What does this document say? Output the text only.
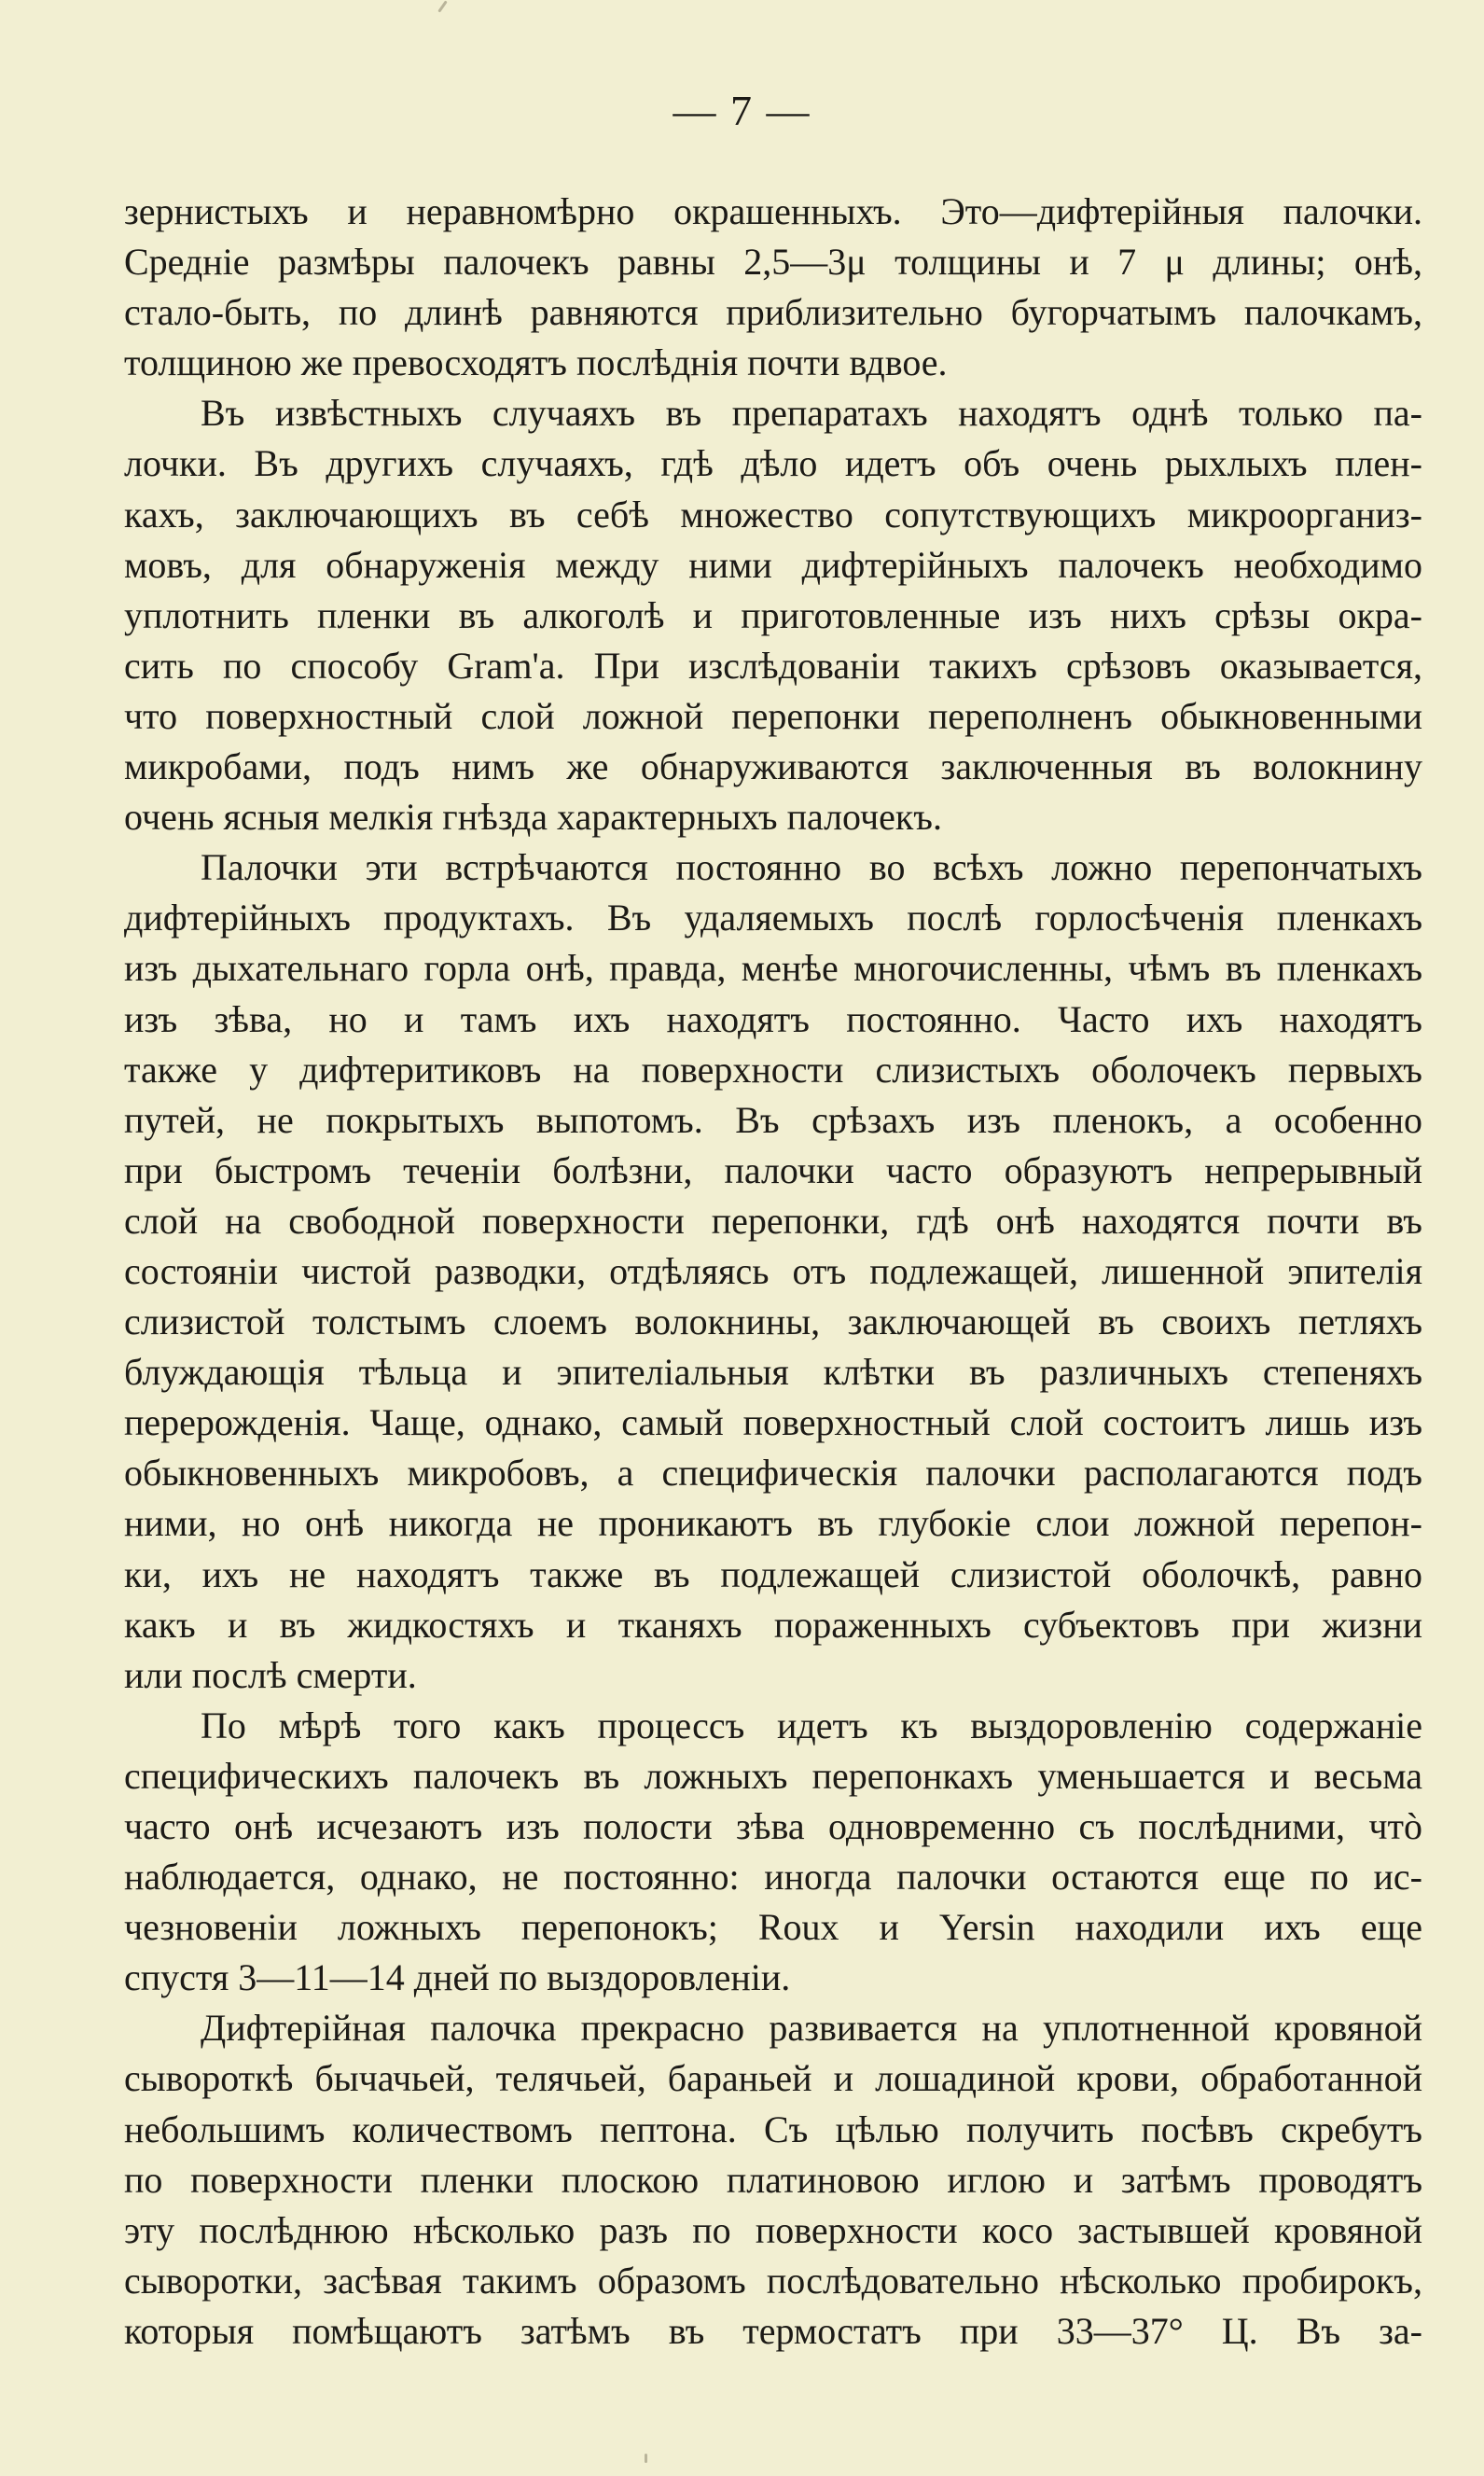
— 7 —
зернистыхъ и неравномѣрно окрашенныхъ. Это—дифтерiйныя палочки.
Среднiе размѣры палочекъ равны 2,5—3μ толщины и 7 μ длины; онѣ,
стало-быть, по длинѣ равняются приблизительно бугорчатымъ палочкамъ,
толщиною же превосходятъ послѣднiя почти вдвое.
Въ извѣстныхъ случаяхъ въ препаратахъ находятъ однѣ только па-
лочки. Въ другихъ случаяхъ, гдѣ дѣло идетъ объ очень рыхлыхъ плен-
кахъ, заключающихъ въ себѣ множество сопутствующихъ микроорганиз-
мовъ, для обнаруженiя между ними дифтерiйныхъ палочекъ необходимо
уплотнить пленки въ алкоголѣ и приготовленные изъ нихъ срѣзы окра-
сить по способу Gram'а. При изслѣдованiи такихъ срѣзовъ оказывается,
что поверхностный слой ложной перепонки переполненъ обыкновенными
микробами, подъ нимъ же обнаруживаются заключенныя въ волокнину
очень ясныя мелкiя гнѣзда характерныхъ палочекъ.
Палочки эти встрѣчаются постоянно во всѣхъ ложно перепончатыхъ
дифтерiйныхъ продуктахъ. Въ удаляемыхъ послѣ горлосѣченiя пленкахъ
изъ дыхательнаго горла онѣ, правда, менѣе многочисленны, чѣмъ въ пленкахъ
изъ зѣва, но и тамъ ихъ находятъ постоянно. Часто ихъ находятъ
также у дифтеритиковъ на поверхности слизистыхъ оболочекъ первыхъ
путей, не покрытыхъ выпотомъ. Въ срѣзахъ изъ пленокъ, а особенно
при быстромъ теченiи болѣзни, палочки часто образуютъ непрерывный
слой на свободной поверхности перепонки, гдѣ онѣ находятся почти въ
состоянiи чистой разводки, отдѣляясь отъ подлежащей, лишенной эпителiя
слизистой толстымъ слоемъ волокнины, заключающей въ своихъ петляхъ
блуждающiя тѣльца и эпителiальныя клѣтки въ различныхъ степеняхъ
перерожденiя. Чаще, однако, самый поверхностный слой состоитъ лишь изъ
обыкновенныхъ микробовъ, а специфическiя палочки располагаются подъ
ними, но онѣ никогда не проникаютъ въ глубокiе слои ложной перепон-
ки, ихъ не находятъ также въ подлежащей слизистой оболочкѣ, равно
какъ и въ жидкостяхъ и тканяхъ пораженныхъ субъектовъ при жизни
или послѣ смерти.
По мѣрѣ того какъ процессъ идетъ къ выздоровленiю содержанiе
специфическихъ палочекъ въ ложныхъ перепонкахъ уменьшается и весьма
часто онѣ исчезаютъ изъ полости зѣва одновременно съ послѣдними, чтò
наблюдается, однако, не постоянно: иногда палочки остаются еще по ис-
чезновенiи ложныхъ перепонокъ; Roux и Yersin находили ихъ еще
спустя 3—11—14 дней по выздоровленiи.
Дифтерiйная палочка прекрасно развивается на уплотненной кровяной
сывороткѣ бычачьей, телячьей, бараньей и лошадиной крови, обработанной
небольшимъ количествомъ пептона. Съ цѣлью получить посѣвъ скребутъ
по поверхности пленки плоскою платиновою иглою и затѣмъ проводятъ
эту послѣднюю нѣсколько разъ по поверхности косо застывшей кровяной
сыворотки, засѣвая такимъ образомъ послѣдовательно нѣсколько пробирокъ,
которыя помѣщаютъ затѣмъ въ термостатъ при 33—37° Ц. Въ за-
